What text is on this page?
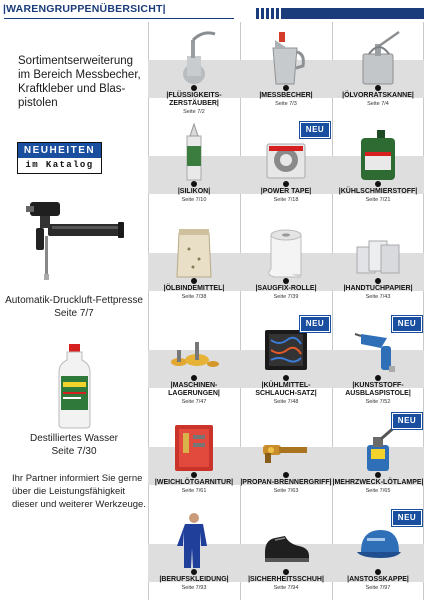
|WARENGRUPPENÜBERSICHT|
Sortimentserweiterung im Bereich Messbecher, Kraftkleber und Blas-pistolen
NEUHEITEN
im Katalog
Automatik-Druckluft-Fettpresse
Seite 7/7
Destilliertes Wasser
Seite 7/30
Ihr Partner informiert Sie gerne über die Leistungsfähigkeit dieser und weiterer Werkzeuge.
|FLÜSSIGKEITS-
ZERSTÄUBER|
Seite 7/2
|MESSBECHER|
Seite 7/3
|ÖLVORRATSKANNE|
Seite 7/4
|SILIKON|
Seite 7/10
NEU
|POWER TAPE|
Seite 7/18
|KÜHLSCHMIERSTOFF|
Seite 7/21
|ÖLBINDEMITTEL|
Seite 7/38
|SAUGFIX-ROLLE|
Seite 7/39
|HANDTUCHPAPIER|
Seite 7/43
|MASCHINEN-
LAGERUNGEN|
Seite 7/47
NEU
|KÜHLMITTEL-
SCHLAUCH-SATZ|
Seite 7/48
NEU
|KUNSTSTOFF-
AUSBLASPISTOLE|
Seite 7/52
|WEICHLÖTGARNITUR|
Seite 7/61
|PROPAN-BRENNERGRIFF|
Seite 7/63
NEU
|MEHRZWECK-LÖTLAMPE|
Seite 7/65
|BERUFSKLEIDUNG|
Seite 7/93
|SICHERHEITSSCHUH|
Seite 7/94
NEU
|ANSTOSSKAPPE|
Seite 7/97
